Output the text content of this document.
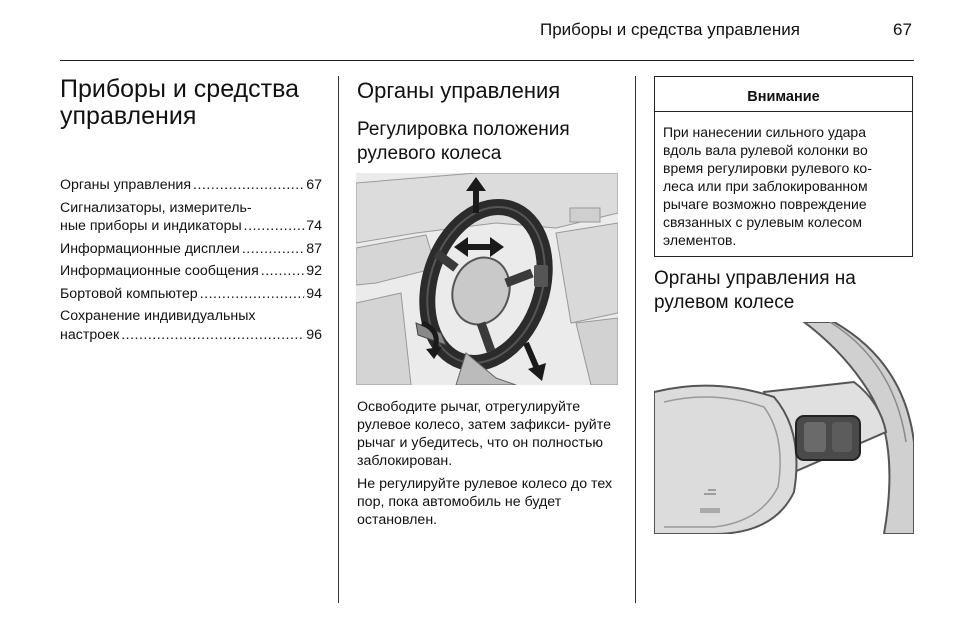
Приборы и средства управления	67
Приборы и средства управления
Органы управления .....	67
Сигнализаторы, измеритель-
ные приборы и индикаторы .....	74
Информационные дисплеи .....	87
Информационные сообщения .....	92
Бортовой компьютер .....	94
Сохранение индивидуальных
настроек .....	96
Органы управления
Регулировка положения рулевого колеса
Освободите рычаг, отрегулируйте рулевое колесо, затем зафикси- руйте рычаг и убедитесь, что он полностью заблокирован.
Не регулируйте рулевое колесо до тех пор, пока автомобиль не будет остановлен.
Внимание
При нанесении сильного удара вдоль вала рулевой колонки во время регулировки рулевого ко- леса или при заблокированном рычаге возможно повреждение связанных с рулевым колесом элементов.
Органы управления на рулевом колесе
